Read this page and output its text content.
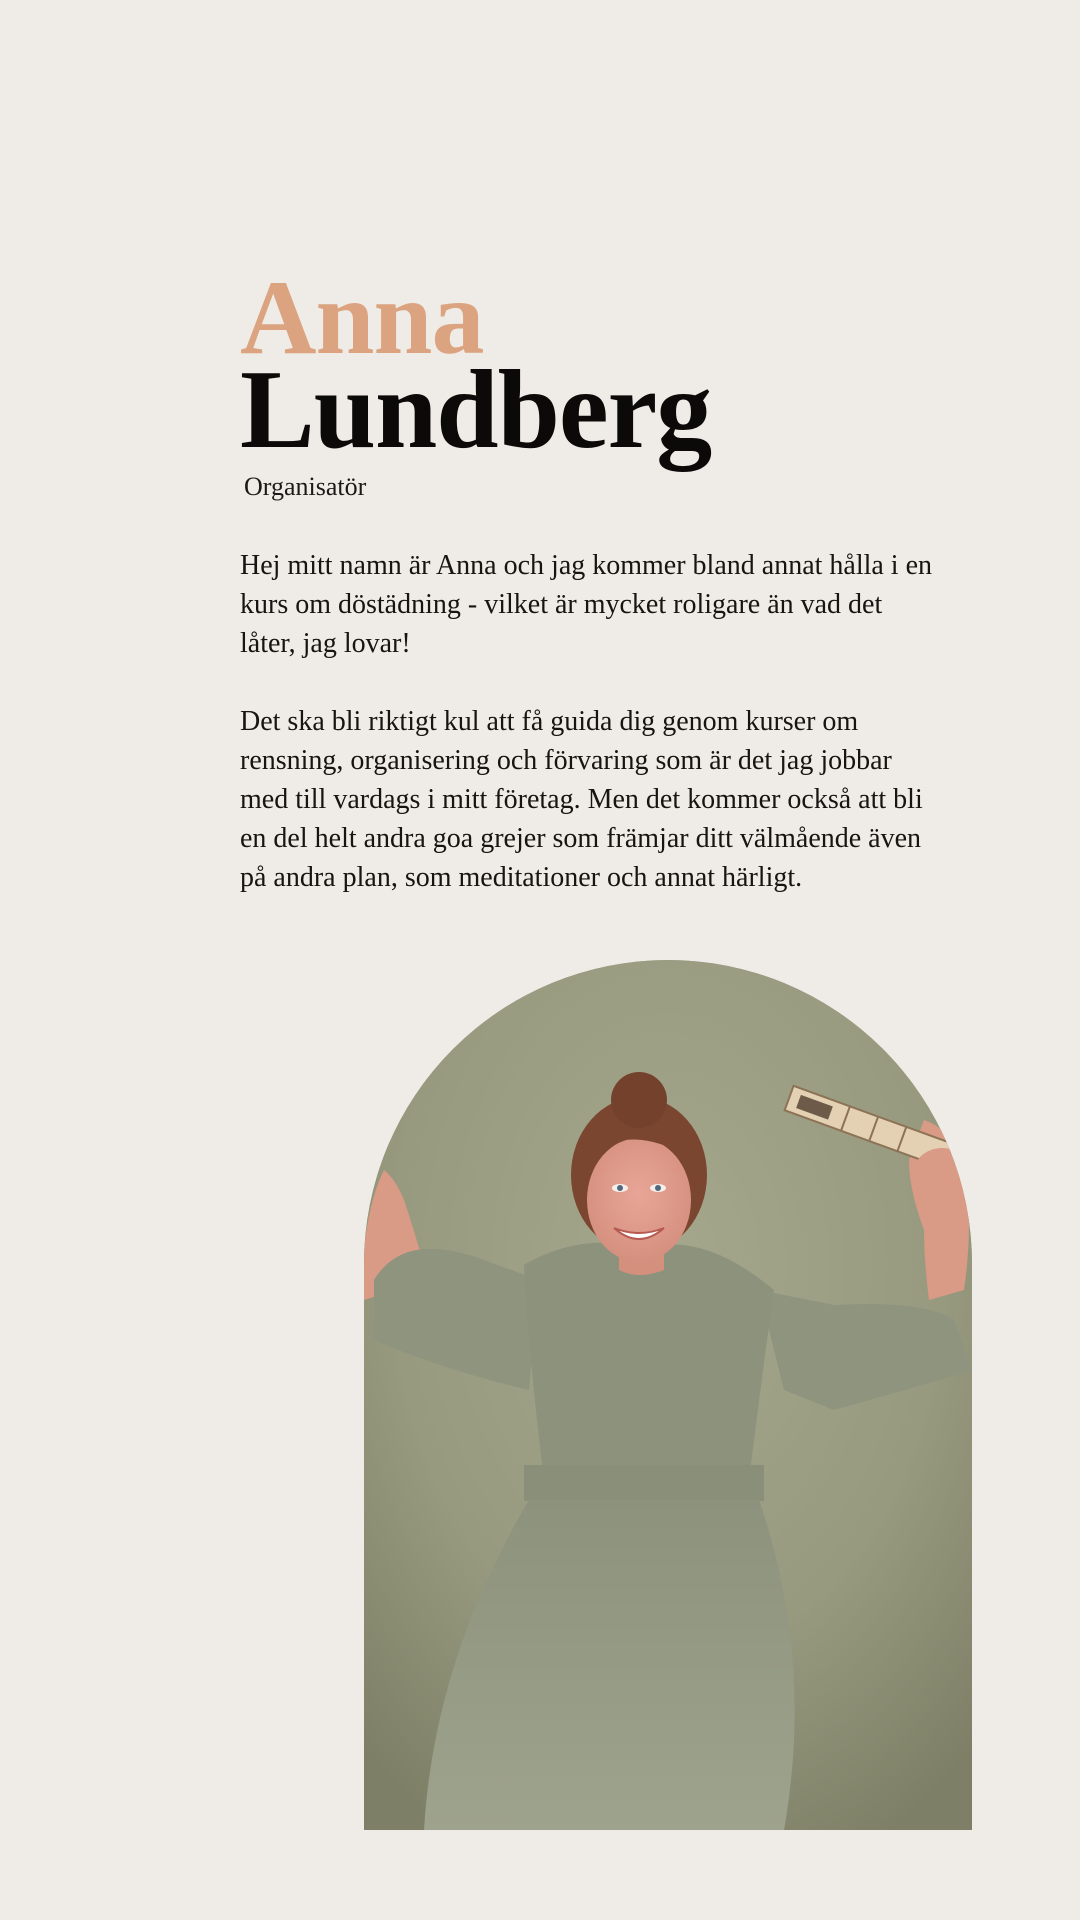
Anna
Lundberg
Organisatör

Hej mitt namn är Anna och jag kommer bland annat hålla i en kurs om döstädning - vilket är mycket roligare än vad det låter, jag lovar!

Det ska bli riktigt kul att få guida dig genom kurser om rensning, organisering och förvaring som är det jag jobbar med till vardags i mitt företag. Men det kommer också att bli en del helt andra goa grejer som främjar ditt välmående även på andra plan, som meditationer och annat härligt.
